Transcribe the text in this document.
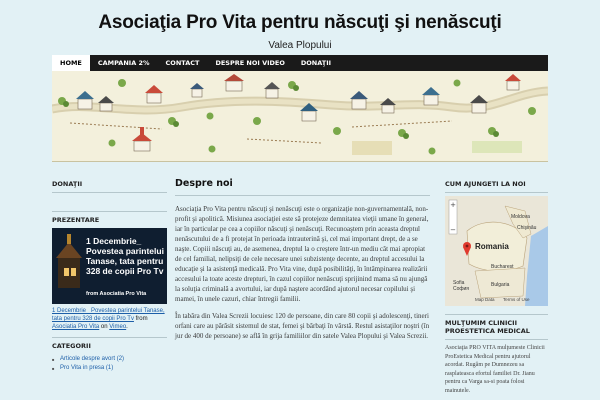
Asociaţia Pro Vita pentru născuţi şi nenăscuţi
Valea Plopului
HOME	CAMPANIA 2%	CONTACT	DESPRE NOI VIDEO	DONAŢII
DONAŢII
PREZENTARE
1 Decembrie_ Povestea parintelui Tanase, tata pentru 328 de copii Pro Tv
from Asociatia Pro Vita
1 Decembrie_ Povestea parintelui Tanase, tata pentru 328 de copii Pro Tv from Asociatia Pro Vita on Vimeo.
CATEGORII
■ Articole despre avort (2)
■ Pro Vita in presa (1)
Despre noi

Asociaţia Pro Vita pentru născuţi şi nenăscuţi este o organizaţie non-guvernamentală, non-profit şi apolitică. Misiunea asociaţiei este să protejeze demnitatea vieţii umane în general, iar în particular pe cea a copiilor născuţi şi nenăscuţi. Recunoaştem prin aceasta dreptul nenăscutului de a fi protejat în perioada intrauterină şi, cel mai important drept, de a se naşte. Copiii născuţi au, de asemenea, dreptul la o creştere într-un mediu cât mai apropiat de cel familial, nelipsiţi de cele necesare unei subzistenţe decente, au dreptul accesului la educaţie şi la asistenţă medicală. Pro Vita vine, după posibilităţi, în întâmpinarea realizării accesului la toate aceste drepturi, în cazul copiilor nenăscuţi sprijinind mama să nu ajungă la soluţia criminală a avortului, iar după naştere acordând ajutorul necesar copilului şi mamei, în unele cazuri, chiar întregii familii.

În tabăra din Valea Screzii locuiesc 120 de persoane, din care 80 copii şi adolescenţi, tineri orfani care au părăsit sistemul de stat, femei şi bărbaţi în vârstă. Restul asistaţilor noştri (în jur de 400 de persoane) se află în grija familiilor din satele Valea Plopului şi Valea Screzii.

CUM AJUNGETI LA NOI
+
−
Moldova
Chişinău
Romania
Bucharest
Sofia
София
Bulgaria
Map Data Terms of Use
MULŢUMIM CLINICII PROESTETICA MEDICAL
Asociaţia PRO VITA mulţumeste Clinicii ProEstetica Medical pentru ajutorul acordat. Rugăm pe Dumnezeu sa rasplateasca efortul familiei Dr. Jianu pentru ca Varga sa-si poata folosi mainutele.
